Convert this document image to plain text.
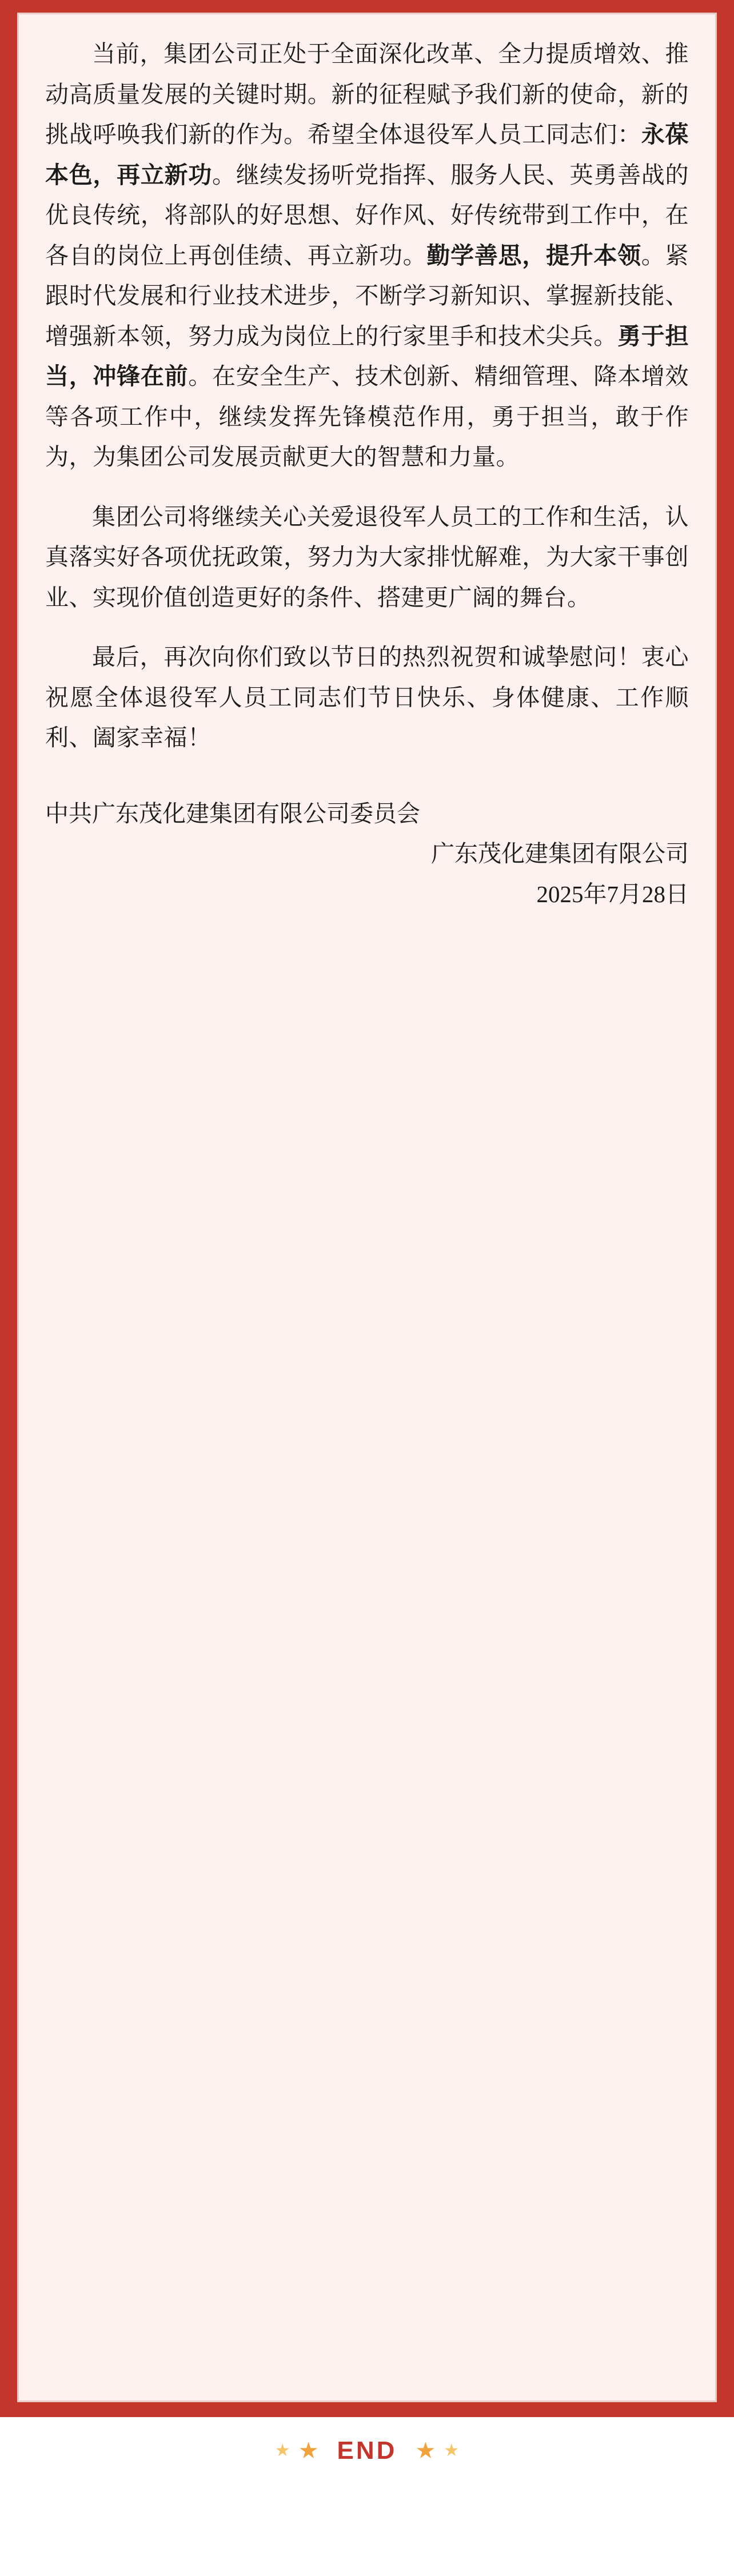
当前，集团公司正处于全面深化改革、全力提质增效、推动高质量发展的关键时期。新的征程赋予我们新的使命，新的挑战呼唤我们新的作为。希望全体退役军人员工同志们：永葆本色，再立新功。继续发扬听党指挥、服务人民、英勇善战的优良传统，将部队的好思想、好作风、好传统带到工作中，在各自的岗位上再创佳绩、再立新功。勤学善思，提升本领。紧跟时代发展和行业技术进步，不断学习新知识、掌握新技能、增强新本领，努力成为岗位上的行家里手和技术尖兵。勇于担当，冲锋在前。在安全生产、技术创新、精细管理、降本增效等各项工作中，继续发挥先锋模范作用，勇于担当，敢于作为，为集团公司发展贡献更大的智慧和力量。

集团公司将继续关心关爱退役军人员工的工作和生活，认真落实好各项优抚政策，努力为大家排忧解难，为大家干事创业、实现价值创造更好的条件、搭建更广阔的舞台。

最后，再次向你们致以节日的热烈祝贺和诚挚慰问！衷心祝愿全体退役军人员工同志们节日快乐、身体健康、工作顺利、阖家幸福！

中共广东茂化建集团有限公司委员会
广东茂化建集团有限公司
2025年7月28日
★ ★ END ★ ★
